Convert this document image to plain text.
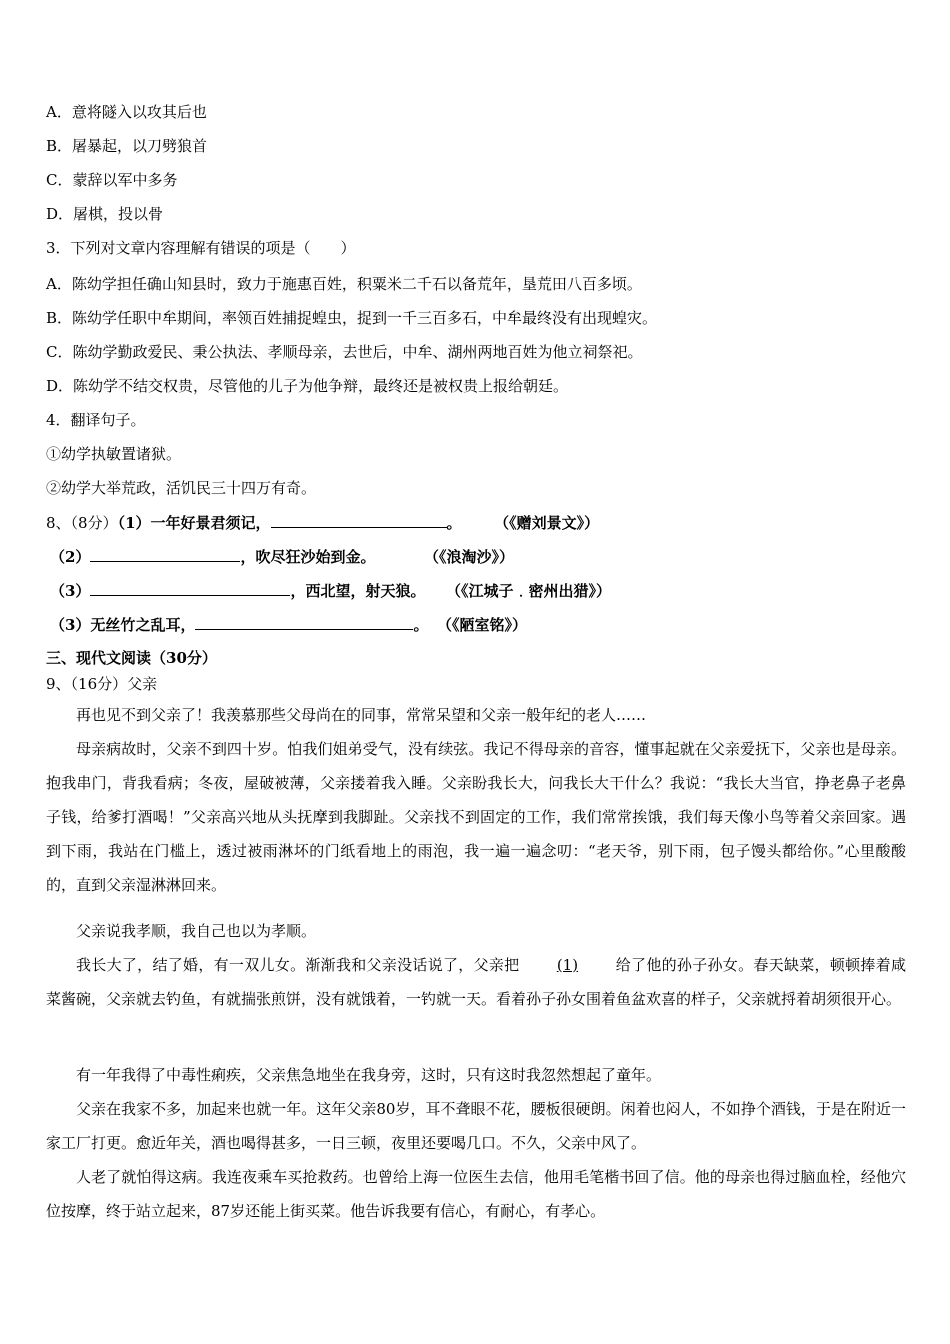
A．意将隧入以攻其后也
B．屠暴起，以刀劈狼首
C．蒙辞以军中多务
D．屠棋，投以骨
3．下列对文章内容理解有错误的项是（　　）
A．陈幼学担任确山知县时，致力于施惠百姓，积粟米二千石以备荒年，垦荒田八百多顷。
B．陈幼学任职中牟期间，率领百姓捕捉蝗虫，捉到一千三百多石，中牟最终没有出现蝗灾。
C．陈幼学勤政爱民、秉公执法、孝顺母亲，去世后，中牟、湖州两地百姓为他立祠祭祀。
D．陈幼学不结交权贵，尽管他的儿子为他争辩，最终还是被权贵上报给朝廷。
4．翻译句子。
①幼学执敏置诸狱。
②幼学大举荒政，活饥民三十四万有奇。
8、（8分）（1）一年好景君须记，	。	（《赠刘景文》）
（2）	，吹尽狂沙始到金。	（《浪淘沙》）
（3）	，西北望，射天狼。 （《江城子﹒密州出猎》）
（3）无丝竹之乱耳，	。 （《陋室铭》）
三、现代文阅读（30分）
9、（16分）父亲
再也见不到父亲了！我羡慕那些父母尚在的同事，常常呆望和父亲一般年纪的老人……
母亲病故时，父亲不到四十岁。怕我们姐弟受气，没有续弦。我记不得母亲的音容，懂事起就在父亲爱抚下，父亲也是母亲。抱我串门，背我看病；冬夜，屋破被薄，父亲搂着我入睡。父亲盼我长大，问我长大干什么？我说：“我长大当官，挣老鼻子老鼻子钱，给爹打酒喝！”父亲高兴地从头抚摩到我脚趾。父亲找不到固定的工作，我们常常挨饿，我们每天像小鸟等着父亲回家。遇到下雨，我站在门槛上，透过被雨淋坏的门纸看地上的雨泡，我一遍一遍念叨：“老天爷，别下雨，包子馒头都给你。”心里酸酸的，直到父亲湿淋淋回来。
父亲说我孝顺，我自己也以为孝顺。
我长大了，结了婚，有一双儿女。渐渐我和父亲没话说了，父亲把 (1) 给了他的孙子孙女。春天缺菜，顿顿捧着咸菜酱碗，父亲就去钓鱼，有就揣张煎饼，没有就饿着，一钓就一天。看着孙子孙女围着鱼盆欢喜的样子，父亲就捋着胡须很开心。
有一年我得了中毒性痢疾，父亲焦急地坐在我身旁，这时，只有这时我忽然想起了童年。
父亲在我家不多，加起来也就一年。这年父亲80岁，耳不聋眼不花，腰板很硬朗。闲着也闷人，不如挣个酒钱，于是在附近一家工厂打更。愈近年关，酒也喝得甚多，一日三顿，夜里还要喝几口。不久，父亲中风了。
人老了就怕得这病。我连夜乘车买抢救药。也曾给上海一位医生去信，他用毛笔楷书回了信。他的母亲也得过脑血栓，经他穴位按摩，终于站立起来，87岁还能上街买菜。他告诉我要有信心，有耐心，有孝心。
